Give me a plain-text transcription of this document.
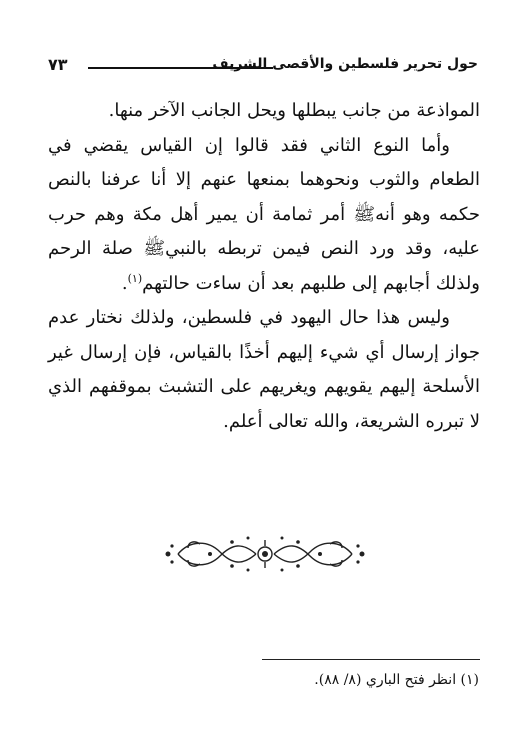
حول تحرير فلسطين والأقصى الشريف
٧٣

المواذعة من جانب يبطلها ويحل الجانب الآخر منها.

وأما النوع الثاني فقد قالوا إن القياس يقضي في الطعام والثوب ونحوهما بمنعها عنهم إلا أنا عرفنا بالنص حكمه وهو أنهﷺ أمر ثمامة أن يمير أهل مكة وهم حرب عليه، وقد ورد النص فيمن تربطه بالنبيﷺ صلة الرحم ولذلك أجابهم إلى طلبهم بعد أن ساءت حالتهم$^{(١)}$.

وليس هذا حال اليهود في فلسطين، ولذلك نختار عدم جواز إرسال أي شيء إليهم أخذًا بالقياس، فإن إرسال غير الأسلحة إليهم يقويهم ويغريهم على التشبث بموقفهم الذي لا تبرره الشريعة، والله تعالى أعلم.

(١) انظر فتح الباري (٨/ ٨٨).
